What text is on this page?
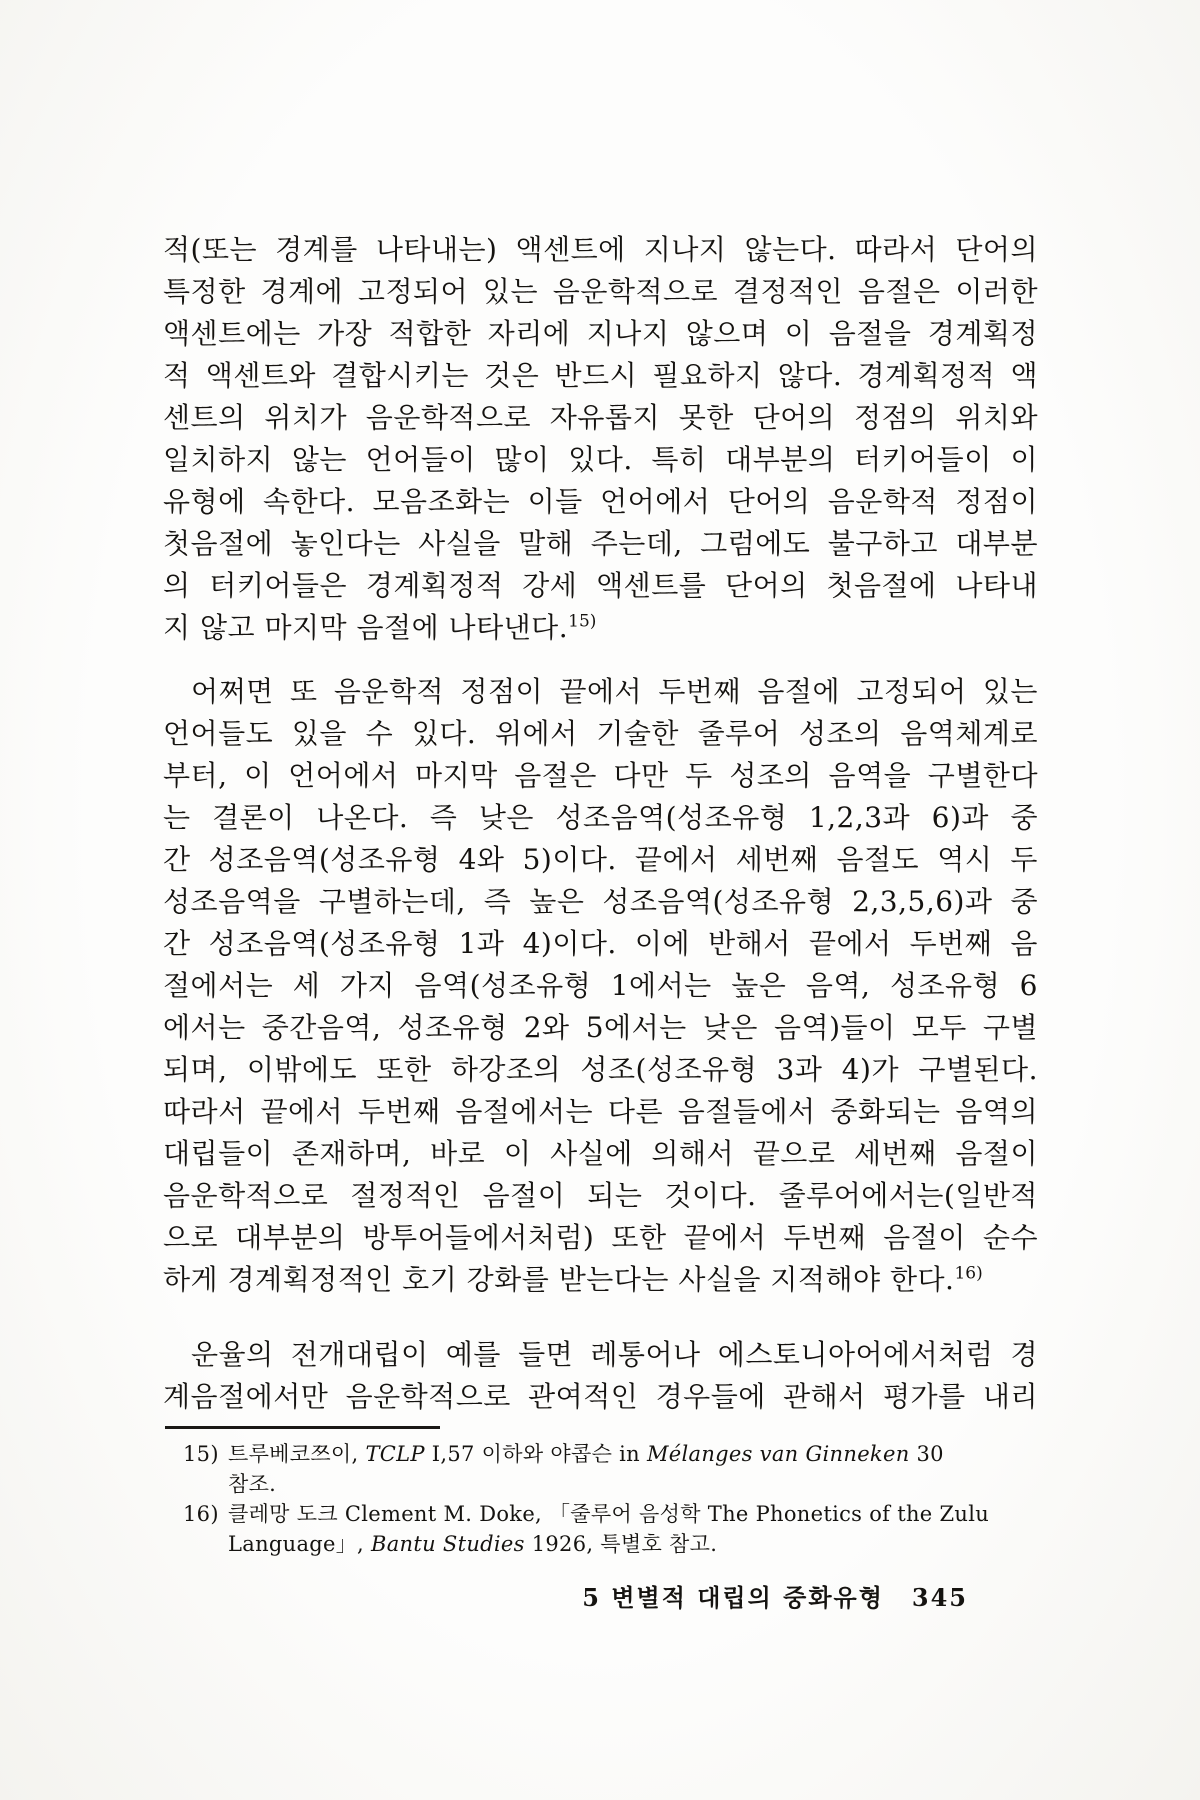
적(또는 경계를 나타내는) 액센트에 지나지 않는다. 따라서 단어의
특정한 경계에 고정되어 있는 음운학적으로 결정적인 음절은 이러한
액센트에는 가장 적합한 자리에 지나지 않으며 이 음절을 경계획정
적 액센트와 결합시키는 것은 반드시 필요하지 않다. 경계획정적 액
센트의 위치가 음운학적으로 자유롭지 못한 단어의 정점의 위치와
일치하지 않는 언어들이 많이 있다. 특히 대부분의 터키어들이 이
유형에 속한다. 모음조화는 이들 언어에서 단어의 음운학적 정점이
첫음절에 놓인다는 사실을 말해 주는데, 그럼에도 불구하고 대부분
의 터키어들은 경계획정적 강세 액센트를 단어의 첫음절에 나타내
지 않고 마지막 음절에 나타낸다.$^{15)}$
어쩌면 또 음운학적 정점이 끝에서 두번째 음절에 고정되어 있는
언어들도 있을 수 있다. 위에서 기술한 줄루어 성조의 음역체계로
부터, 이 언어에서 마지막 음절은 다만 두 성조의 음역을 구별한다
는 결론이 나온다. 즉 낮은 성조음역(성조유형 1,2,3과 6)과 중
간 성조음역(성조유형 4와 5)이다. 끝에서 세번째 음절도 역시 두
성조음역을 구별하는데, 즉 높은 성조음역(성조유형 2,3,5,6)과 중
간 성조음역(성조유형 1과 4)이다. 이에 반해서 끝에서 두번째 음
절에서는 세 가지 음역(성조유형 1에서는 높은 음역, 성조유형 6
에서는 중간음역, 성조유형 2와 5에서는 낮은 음역)들이 모두 구별
되며, 이밖에도 또한 하강조의 성조(성조유형 3과 4)가 구별된다.
따라서 끝에서 두번째 음절에서는 다른 음절들에서 중화되는 음역의
대립들이 존재하며, 바로 이 사실에 의해서 끝으로 세번째 음절이
음운학적으로 절정적인 음절이 되는 것이다. 줄루어에서는(일반적
으로 대부분의 방투어들에서처럼) 또한 끝에서 두번째 음절이 순수
하게 경계획정적인 호기 강화를 받는다는 사실을 지적해야 한다.$^{16)}$
운율의 전개대립이 예를 들면 레통어나 에스토니아어에서처럼 경
계음절에서만 음운학적으로 관여적인 경우들에 관해서 평가를 내리
15) 트루베코쯔이, TCLP Ⅰ,57 이하와 야콥슨 in Mélanges van Ginneken 30
참조.
16) 클레망 도크 Clement M. Doke, 「줄루어 음성학 The Phonetics of the Zulu
Language」, Bantu Studies 1926, 특별호 참고.
5 변별적 대립의 중화유형 345
